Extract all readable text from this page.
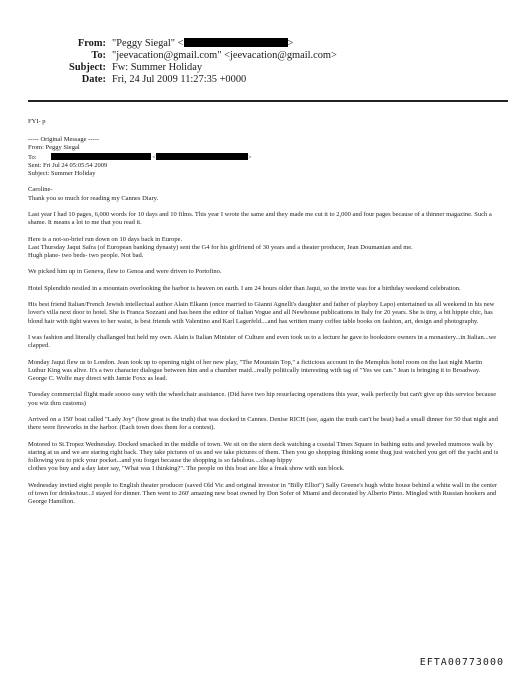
From: "Peggy Siegal" <	>
To: "jeevacation@gmail.com" <jeevacation@gmail.com>
Subject: Fw: Summer Holiday
Date: Fri, 24 Jul 2009 11:27:35 +0000

FYI- p

----- Original Message -----
From: Peggy Siegal
To:	<	>
Sent: Fri Jul 24 05:05:54 2009
Subject: Summer Holiday
Caroline-
Thank you so much for reading my Cannes Diary.

Last year I had 10 pages, 6,000 words for 10 days and 10 films. This year I wrote the same and they made me cut it to 2,000 and four pages because of a thinner magazine. Such a shame. It means a lot to me that you read it.

Here is a not-so-brief run down on 10 days back in Europe.
Last Thursday Jaqui Safra (of European banking dynasty) sent the G4 for his girlfriend of 30 years and a theater producer, Jean Doumanian and me.
Hugh plane- two beds- two people. Not bad.

We picked him up in Geneva, flew to Genoa and were driven to Portofino.

Hotel Splendido nestled in a mountain overlooking the harbor is heaven on earth. I am 24 hours older than Jaqui, so the invite was for a birthday weekend celebration.

His best friend Italian/French Jewish intellectual author Alain Elkann (once married to Gianni Agnelli's daughter and father of playboy Lapo) entertained us all weekend in his new lover's villa next door to hotel. She is Franca Sozzani and has been the editor of Italian Vogue and all Newhouse publications in Italy for 20 years. She is tiny, a bit hippie chic, has blond hair with tight waves to her waist, is best friends with Valentino and Karl Lagerfeld....and has written many coffee table books on fashion, art, design and photography.

I was fashion and literally challanged but held my own. Alain is Italian Minister of Culture and even took us to a lecture he gave to bookstore owners in a monastery...in Italian...we clapped.

Monday Jaqui flew us to London. Jean took up to opening night of her new play, "The Mountain Top," a ficticious account in the Memphis hotel room on the last night Martin Luthur King was alive. It's a two character dialogue between him and a chamber maid...really politically interesting with tag of "Yes we can." Jean is bringing it to Broadway. George C. Wolfe may direct with Jamie Foxx as lead.

Tuesday commercial flight made soooo easy with the wheelchair assistance. (Did have two hip resurfacing operations this year, walk perfectly but can't give up this service because you wiz thru customs)

Arrived on a 150' boat called "Lady Joy" (how great is the truth) that was docked in Cannes. Denise RICH (see, again the truth can't be beat) had a small dinner for 50 that night and there were fireworks in the harbor. (Each town does them for a contest).

Motored to St.Tropez Wednesday. Docked smacked in the middle of town. We sit on the stern deck watching a coastal Times Square in bathing suits and jeweled mumoos walk by staring at us and we are staring right back. They take pictures of us and we take pictures of them. Then you go shopping thinking some thug just watched you get off the yacht and is following you to pick your pocket...and you forget because the shopping is so fabulous....cheap hippy
clothes you buy and a day later say, "What was I thinking?". The people on this boat are like a freak show with sun block.

Wednesday invited eight people to English theater producer (saved Old Vic and original investor in "Billy Elliot") Sally Greene's hugh white house behind a white wall in the center of town for drinks/tour...I stayed for dinner. Then went to 260' amazing new boat owned by Don Sofer of Miami and decorated by Alberto Pinto. Mingled with Russian hookers and George Hamilton.

EFTA00773000
